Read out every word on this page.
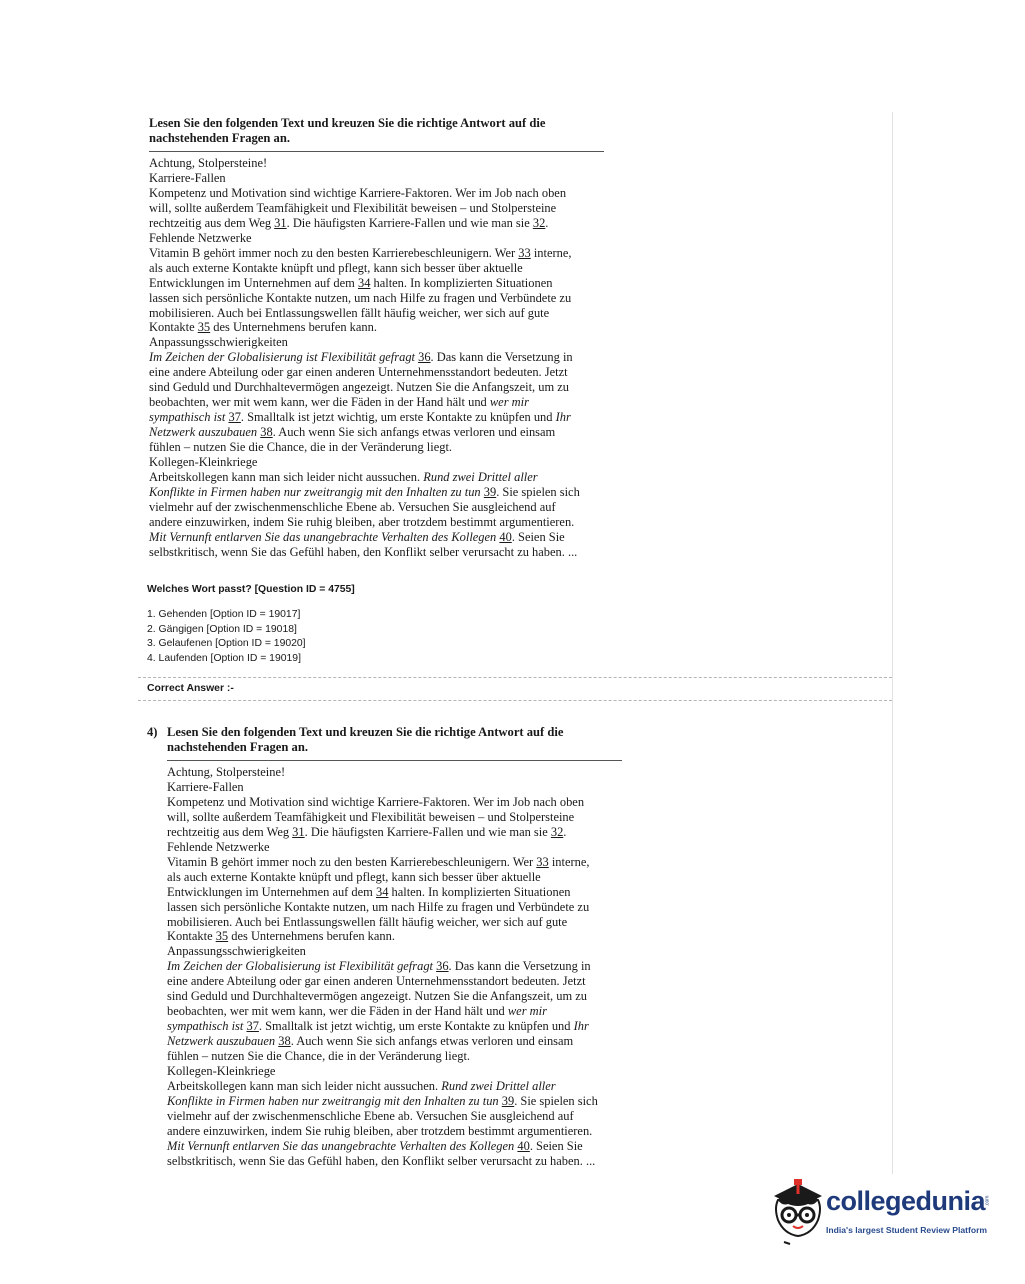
Lesen Sie den folgenden Text und kreuzen Sie die richtige Antwort auf die nachstehenden Fragen an.
Achtung, Stolpersteine!
Karriere-Fallen
Kompetenz und Motivation sind wichtige Karriere-Faktoren. Wer im Job nach oben
will, sollte außerdem Teamfähigkeit und Flexibilität beweisen – und Stolpersteine
rechtzeitig aus dem Weg 31. Die häufigsten Karriere-Fallen und wie man sie 32.
Fehlende Netzwerke
Vitamin B gehört immer noch zu den besten Karrierebeschleunigern. Wer 33 interne,
als auch externe Kontakte knüpft und pflegt, kann sich besser über aktuelle
Entwicklungen im Unternehmen auf dem 34 halten. In komplizierten Situationen
lassen sich persönliche Kontakte nutzen, um nach Hilfe zu fragen und Verbündete zu
mobilisieren. Auch bei Entlassungswellen fällt häufig weicher, wer sich auf gute
Kontakte 35 des Unternehmens berufen kann.
Anpassungsschwierigkeiten
Im Zeichen der Globalisierung ist Flexibilität gefragt 36. Das kann die Versetzung in
eine andere Abteilung oder gar einen anderen Unternehmensstandort bedeuten. Jetzt
sind Geduld und Durchhaltevermögen angezeigt. Nutzen Sie die Anfangszeit, um zu
beobachten, wer mit wem kann, wer die Fäden in der Hand hält und wer mir
sympathisch ist 37. Smalltalk ist jetzt wichtig, um erste Kontakte zu knüpfen und Ihr
Netzwerk auszubauen 38. Auch wenn Sie sich anfangs etwas verloren und einsam
fühlen – nutzen Sie die Chance, die in der Veränderung liegt.
Kollegen-Kleinkriege
Arbeitskollegen kann man sich leider nicht aussuchen. Rund zwei Drittel aller
Konflikte in Firmen haben nur zweitrangig mit den Inhalten zu tun 39. Sie spielen sich
vielmehr auf der zwischenmenschliche Ebene ab. Versuchen Sie ausgleichend auf
andere einzuwirken, indem Sie ruhig bleiben, aber trotzdem bestimmt argumentieren.
Mit Vernunft entlarven Sie das unangebrachte Verhalten des Kollegen 40. Seien Sie
selbstkritisch, wenn Sie das Gefühl haben, den Konflikt selber verursacht zu haben. ...
Welches Wort passt? [Question ID = 4755]
1. Gehenden [Option ID = 19017]
2. Gängigen [Option ID = 19018]
3. Gelaufenen [Option ID = 19020]
4. Laufenden [Option ID = 19019]
Correct Answer :-
4) Lesen Sie den folgenden Text und kreuzen Sie die richtige Antwort auf die nachstehenden Fragen an.
Achtung, Stolpersteine!
Karriere-Fallen
Kompetenz und Motivation sind wichtige Karriere-Faktoren. Wer im Job nach oben
will, sollte außerdem Teamfähigkeit und Flexibilität beweisen – und Stolpersteine
rechtzeitig aus dem Weg 31. Die häufigsten Karriere-Fallen und wie man sie 32.
Fehlende Netzwerke
Vitamin B gehört immer noch zu den besten Karrierebeschleunigern. Wer 33 interne,
als auch externe Kontakte knüpft und pflegt, kann sich besser über aktuelle
Entwicklungen im Unternehmen auf dem 34 halten. In komplizierten Situationen
lassen sich persönliche Kontakte nutzen, um nach Hilfe zu fragen und Verbündete zu
mobilisieren. Auch bei Entlassungswellen fällt häufig weicher, wer sich auf gute
Kontakte 35 des Unternehmens berufen kann.
Anpassungsschwierigkeiten
Im Zeichen der Globalisierung ist Flexibilität gefragt 36. Das kann die Versetzung in
eine andere Abteilung oder gar einen anderen Unternehmensstandort bedeuten. Jetzt
sind Geduld und Durchhaltevermögen angezeigt. Nutzen Sie die Anfangszeit, um zu
beobachten, wer mit wem kann, wer die Fäden in der Hand hält und wer mir
sympathisch ist 37. Smalltalk ist jetzt wichtig, um erste Kontakte zu knüpfen und Ihr
Netzwerk auszubauen 38. Auch wenn Sie sich anfangs etwas verloren und einsam
fühlen – nutzen Sie die Chance, die in der Veränderung liegt.
Kollegen-Kleinkriege
Arbeitskollegen kann man sich leider nicht aussuchen. Rund zwei Drittel aller
Konflikte in Firmen haben nur zweitrangig mit den Inhalten zu tun 39. Sie spielen sich
vielmehr auf der zwischenmenschliche Ebene ab. Versuchen Sie ausgleichend auf
andere einzuwirken, indem Sie ruhig bleiben, aber trotzdem bestimmt argumentieren.
Mit Vernunft entlarven Sie das unangebrachte Verhalten des Kollegen 40. Seien Sie
selbstkritisch, wenn Sie das Gefühl haben, den Konflikt selber verursacht zu haben. ...
collegedunia .com
India's largest Student Review Platform
